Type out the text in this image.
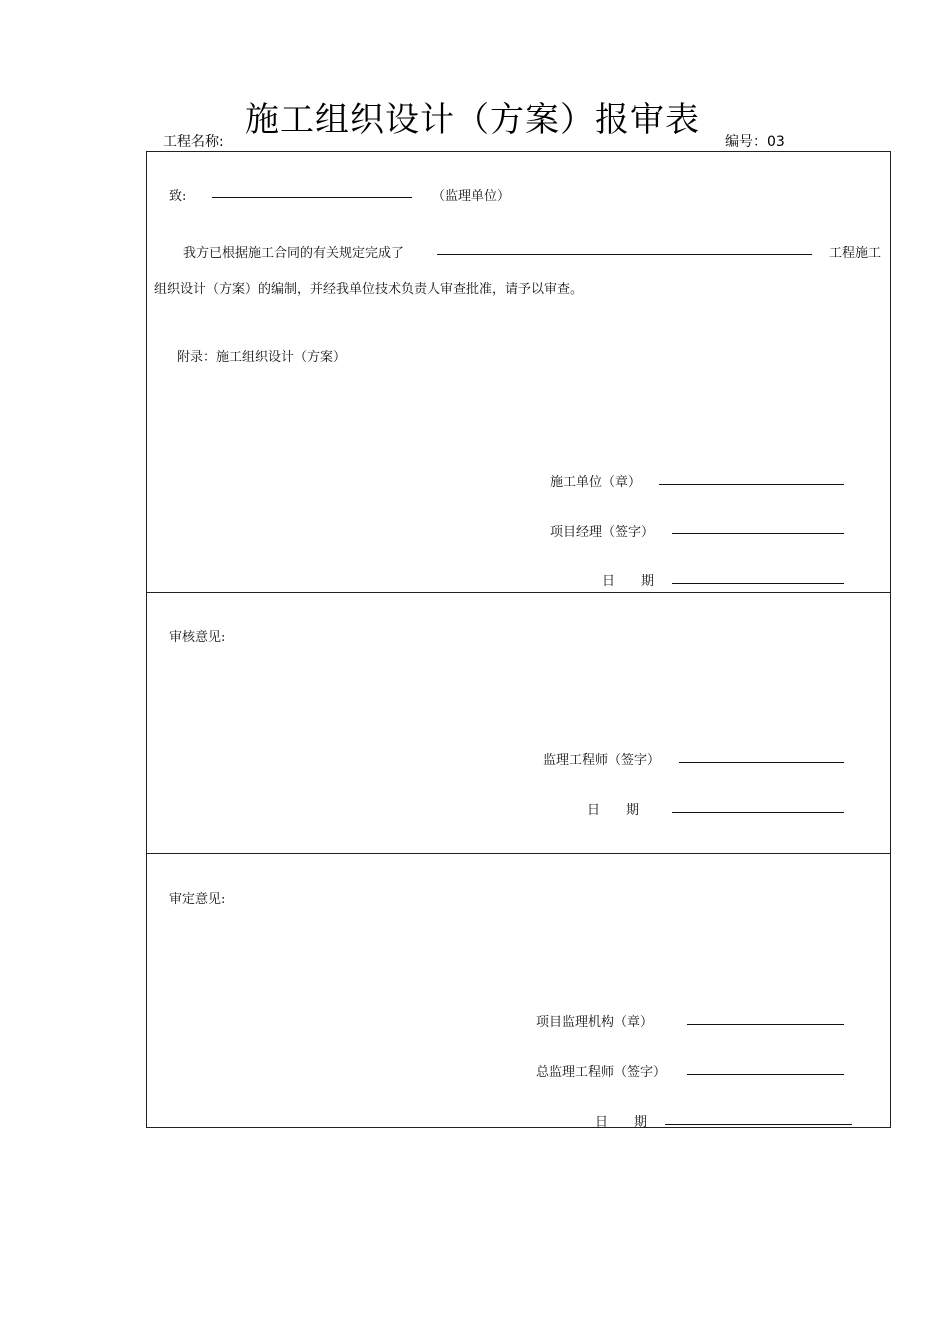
施工组织设计（方案）报审表
工程名称:	编号：03
致:	（监理单位）
我方已根据施工合同的有关规定完成了	工程施工
组织设计（方案）的编制，并经我单位技术负责人审查批准，请予以审查。
附录：施工组织设计（方案）
施工单位（章）
项目经理（签字）
日　　期
审核意见:
监理工程师（签字）
日　　期
审定意见:
项目监理机构（章）
总监理工程师（签字）
日　　期
